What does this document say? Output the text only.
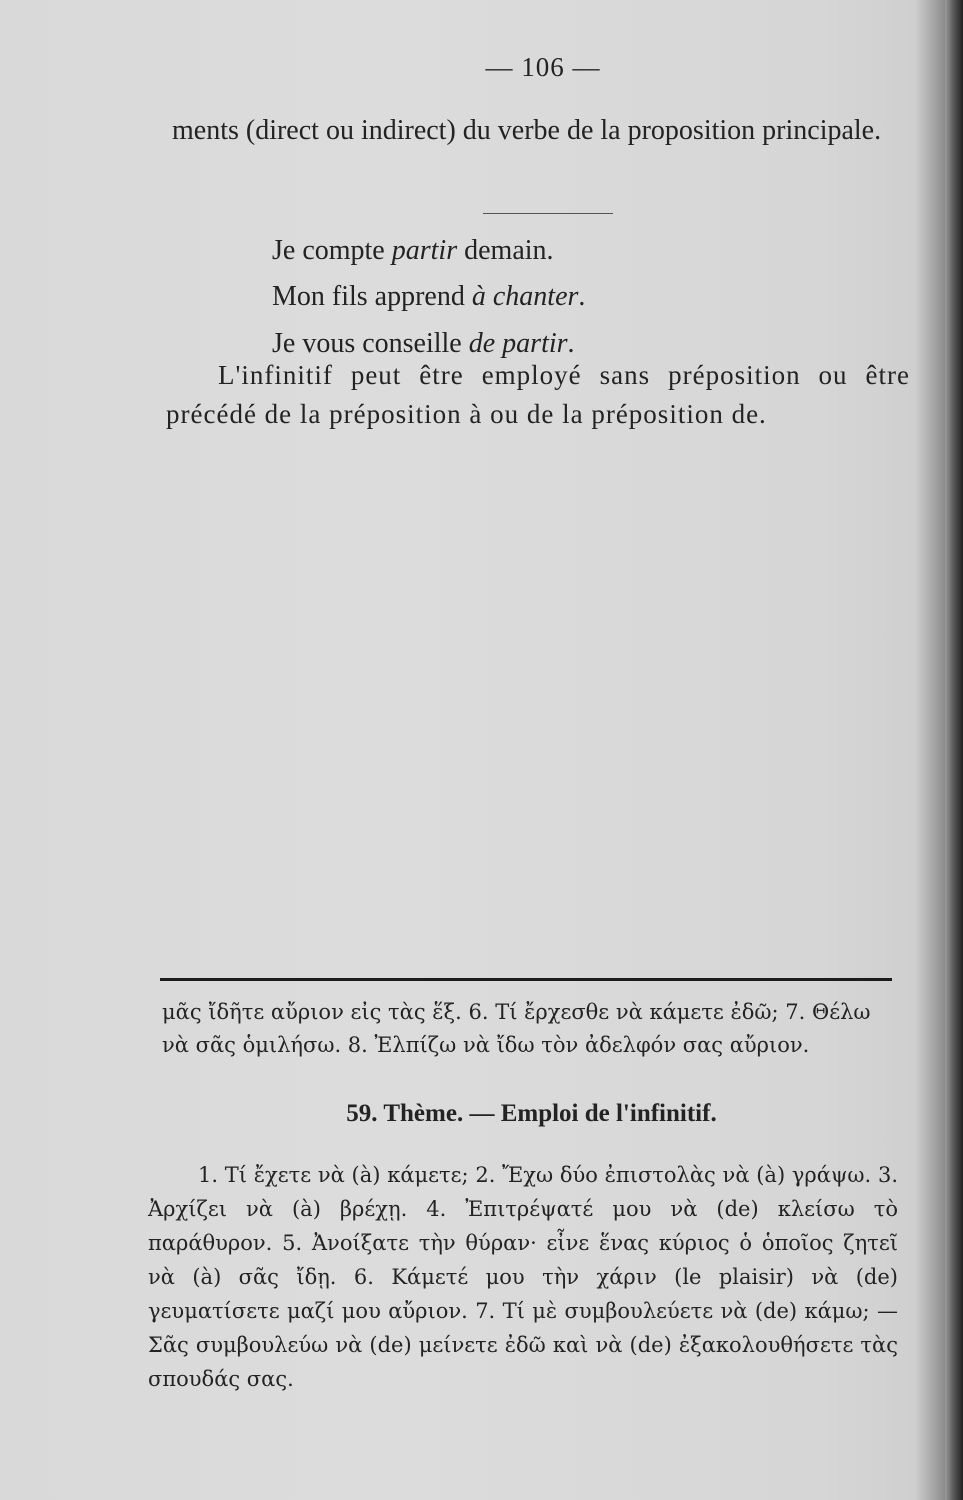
— 106 —

ments (direct ou indirect) du verbe de la proposition principale.

Je compte partir demain.
Mon fils apprend à chanter.
Je vous conseille de partir.

L'infinitif peut être employé sans préposition ou être précédé de la préposition à ou de la préposition de.

μᾶς ἴδῆτε αὔριον εἰς τὰς ἕξ. 6. Τί ἔρχεσθε νὰ κάμετε ἐδῶ; 7. Θέλω νὰ σᾶς ὁμιλήσω. 8. Ἐλπίζω νὰ ἴδω τὸν ἀδελφόν σας αὔριον.

59. Thème. — Emploi de l'infinitif.

1. Τί ἔχετε νὰ (à) κάμετε; 2. Ἔχω δύο ἐπιστολὰς νὰ (à) γράψω. 3. Ἀρχίζει νὰ (à) βρέχῃ. 4. Ἐπιτρέψατέ μου νὰ (de) κλείσω τὸ παράθυρον. 5. Ἀνοίξατε τὴν θύραν· εἶνε ἕνας κύριος ὁ ὁποῖος ζητεῖ νὰ (à) σᾶς ἴδῃ. 6. Κάμετέ μου τὴν χάριν (le plaisir) νὰ (de) γευματίσετε μαζί μου αὔριον. 7. Τί μὲ συμβουλεύετε νὰ (de) κάμω; — Σᾶς συμβουλεύω νὰ (de) μείνετε ἐδῶ καὶ νὰ (de) ἐξακολουθήσετε τὰς σπουδάς σας.
